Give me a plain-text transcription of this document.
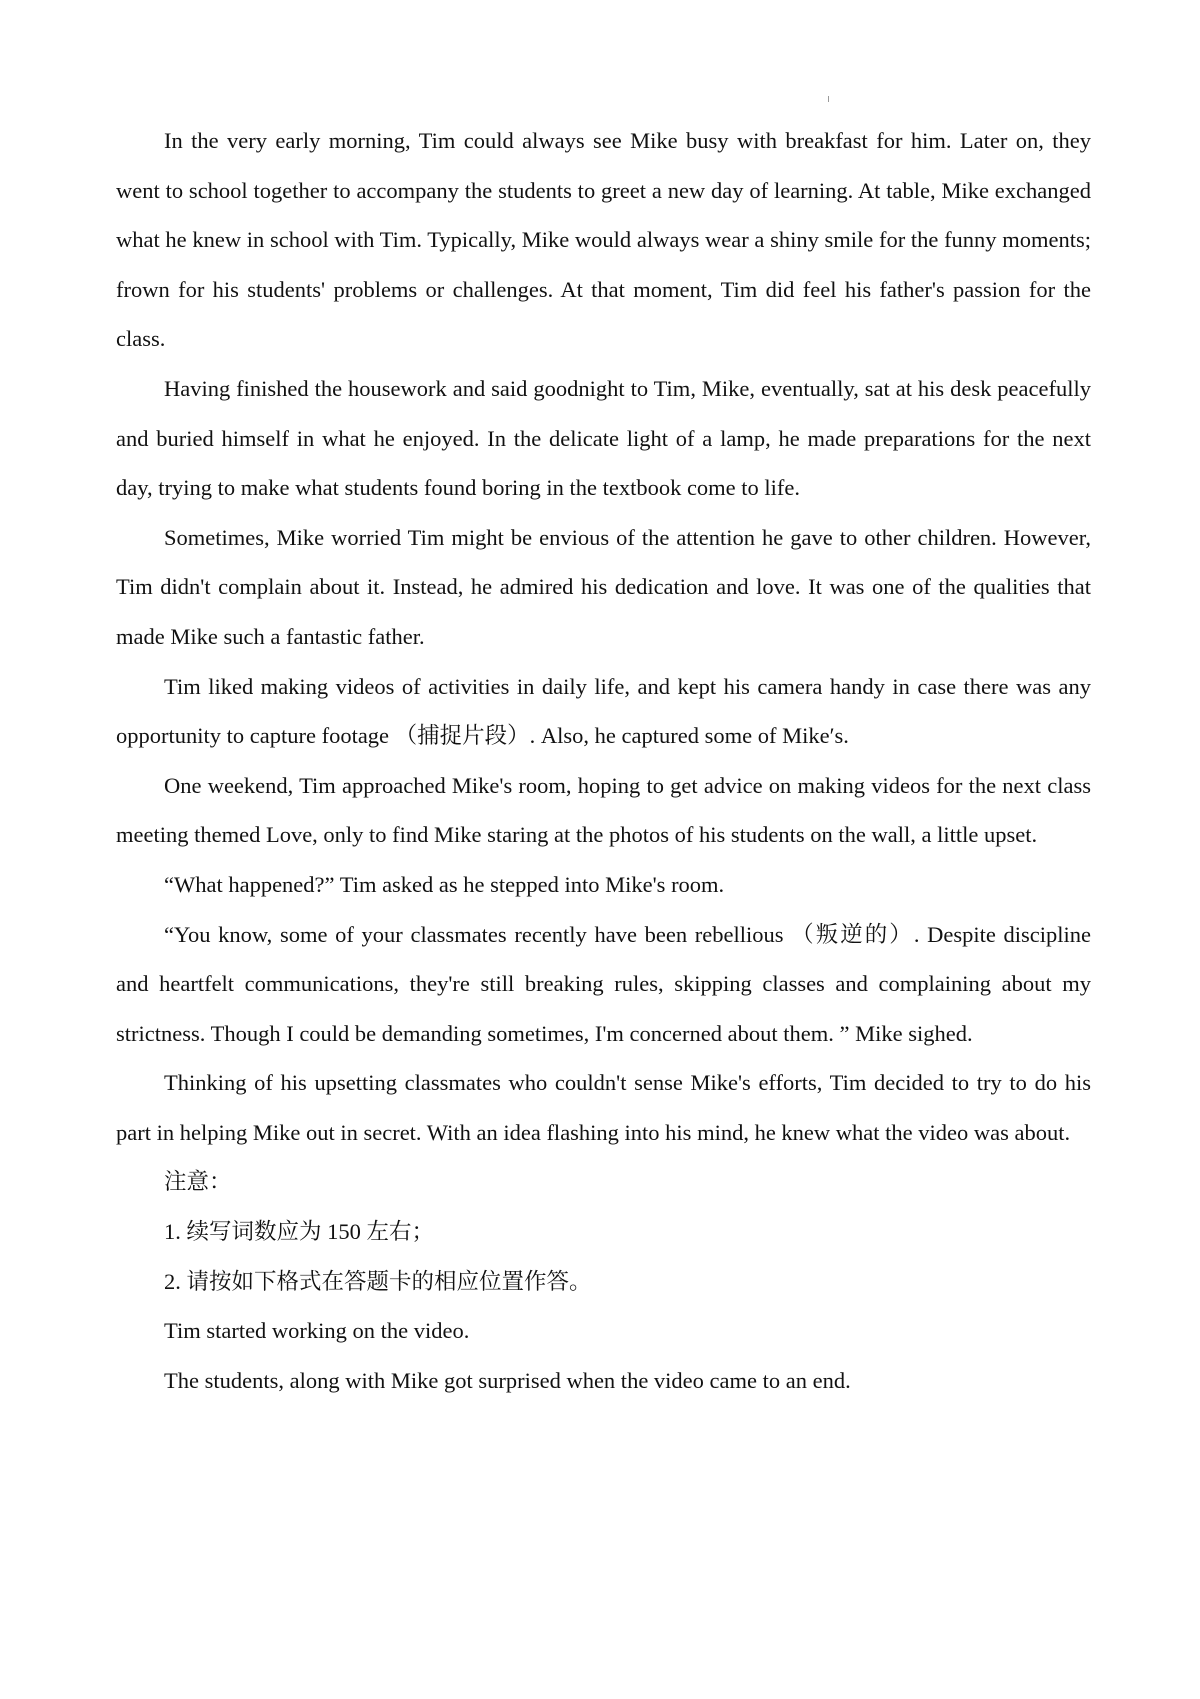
In the very early morning, Tim could always see Mike busy with breakfast for him. Later on, they went to school together to accompany the students to greet a new day of learning. At table, Mike exchanged what he knew in school with Tim. Typically, Mike would always wear a shiny smile for the funny moments; frown for his students' problems or challenges. At that moment, Tim did feel his father's passion for the class.

Having finished the housework and said goodnight to Tim, Mike, eventually, sat at his desk peacefully and buried himself in what he enjoyed. In the delicate light of a lamp, he made preparations for the next day, trying to make what students found boring in the textbook come to life.

Sometimes, Mike worried Tim might be envious of the attention he gave to other children. However, Tim didn't complain about it. Instead, he admired his dedication and love. It was one of the qualities that made Mike such a fantastic father.

Tim liked making videos of activities in daily life, and kept his camera handy in case there was any opportunity to capture footage （捕捉片段）. Also, he captured some of Mike′s.

One weekend, Tim approached Mike's room, hoping to get advice on making videos for the next class meeting themed Love, only to find Mike staring at the photos of his students on the wall, a little upset.

“What happened?” Tim asked as he stepped into Mike's room.

“You know, some of your classmates recently have been rebellious （叛逆的）. Despite discipline and heartfelt communications, they're still breaking rules, skipping classes and complaining about my strictness. Though I could be demanding sometimes, I'm concerned about them. ” Mike sighed.

Thinking of his upsetting classmates who couldn't sense Mike's efforts, Tim decided to try to do his part in helping Mike out in secret. With an idea flashing into his mind, he knew what the video was about.

注意：

1. 续写词数应为 150 左右；

2. 请按如下格式在答题卡的相应位置作答。

Tim started working on the video.

The students, along with Mike got surprised when the video came to an end.
